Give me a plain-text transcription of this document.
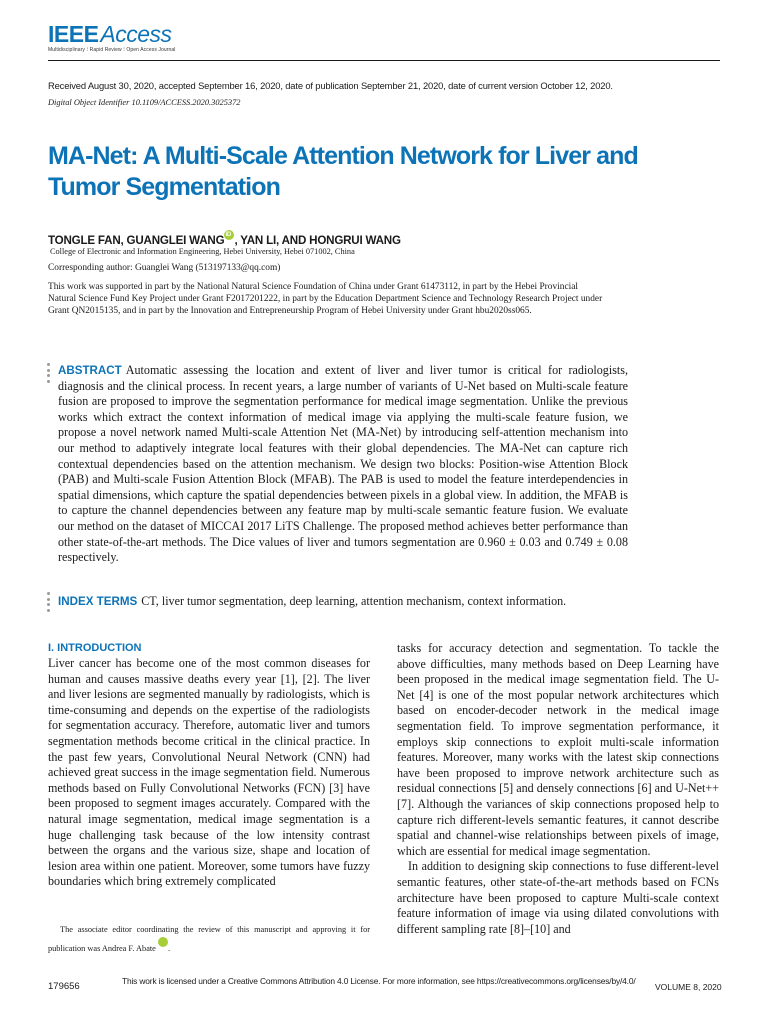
IEEEAccess
Multidisciplinary ⁝ Rapid Review ⁝ Open Access Journal
Received August 30, 2020, accepted September 16, 2020, date of publication September 21, 2020, date of current version October 12, 2020.
Digital Object Identifier 10.1109/ACCESS.2020.3025372
MA-Net: A Multi-Scale Attention Network for Liver and Tumor Segmentation
TONGLE FAN, GUANGLEI WANGiD , YAN LI, AND HONGRUI WANG
College of Electronic and Information Engineering, Hebei University, Hebei 071002, China
Corresponding author: Guanglei Wang (513197133@qq.com)
This work was supported in part by the National Natural Science Foundation of China under Grant 61473112, in part by the Hebei Provincial Natural Science Fund Key Project under Grant F2017201222, in part by the Education Department Science and Technology Research Project under Grant QN2015135, and in part by the Innovation and Entrepreneurship Program of Hebei University under Grant hbu2020ss065.
ABSTRACT Automatic assessing the location and extent of liver and liver tumor is critical for radiologists, diagnosis and the clinical process. In recent years, a large number of variants of U-Net based on Multi-scale feature fusion are proposed to improve the segmentation performance for medical image segmentation. Unlike the previous works which extract the context information of medical image via applying the multi-scale feature fusion, we propose a novel network named Multi-scale Attention Net (MA-Net) by introducing self-attention mechanism into our method to adaptively integrate local features with their global dependencies. The MA-Net can capture rich contextual dependencies based on the attention mechanism. We design two blocks: Position-wise Attention Block (PAB) and Multi-scale Fusion Attention Block (MFAB). The PAB is used to model the feature interdependencies in spatial dimensions, which capture the spatial dependencies between pixels in a global view. In addition, the MFAB is to capture the channel dependencies between any feature map by multi-scale semantic feature fusion. We evaluate our method on the dataset of MICCAI 2017 LiTS Challenge. The proposed method achieves better performance than other state-of-the-art methods. The Dice values of liver and tumors segmentation are 0.960 ± 0.03 and 0.749 ± 0.08 respectively.
INDEX TERMS CT, liver tumor segmentation, deep learning, attention mechanism, context information.
I. INTRODUCTION

Liver cancer has become one of the most common diseases for human and causes massive deaths every year [1], [2]. The liver and liver lesions are segmented manually by radiologists, which is time-consuming and depends on the expertise of the radiologists for segmentation accuracy. Therefore, automatic liver and tumors segmentation methods become critical in the clinical practice. In the past few years, Convolutional Neural Network (CNN) had achieved great success in the image segmentation field. Numerous methods based on Fully Convolutional Networks (FCN) [3] have been proposed to segment images accurately. Compared with the natural image segmentation, medical image segmentation is a huge challenging task because of the low intensity contrast between the organs and the various size, shape and location of lesion area within one patient. Moreover, some tumors have fuzzy boundaries which bring extremely complicated

tasks for accuracy detection and segmentation. To tackle the above difficulties, many methods based on Deep Learning have been proposed in the medical image segmentation field. The U-Net [4] is one of the most popular network architectures which based on encoder-decoder network in the medical image segmentation field. To improve segmentation performance, it employs skip connections to exploit multi-scale information features. Moreover, many works with the latest skip connections have been proposed to improve network architecture such as residual connections [5] and densely connections [6] and U-Net++ [7]. Although the variances of skip connections proposed help to capture rich different-levels semantic features, it cannot describe spatial and channel-wise relationships between pixels of image, which are essential for medical image segmentation.

In addition to designing skip connections to fuse different-level semantic features, other state-of-the-art methods based on FCNs architecture have been proposed to capture Multi-scale context feature information of image via using dilated convolutions with different sampling rate [8]–[10] and

The associate editor coordinating the review of this manuscript and approving it for publication was Andrea F. Abate iD .
179656	This work is licensed under a Creative Commons Attribution 4.0 License. For more information, see https://creativecommons.org/licenses/by/4.0/
VOLUME 8, 2020
